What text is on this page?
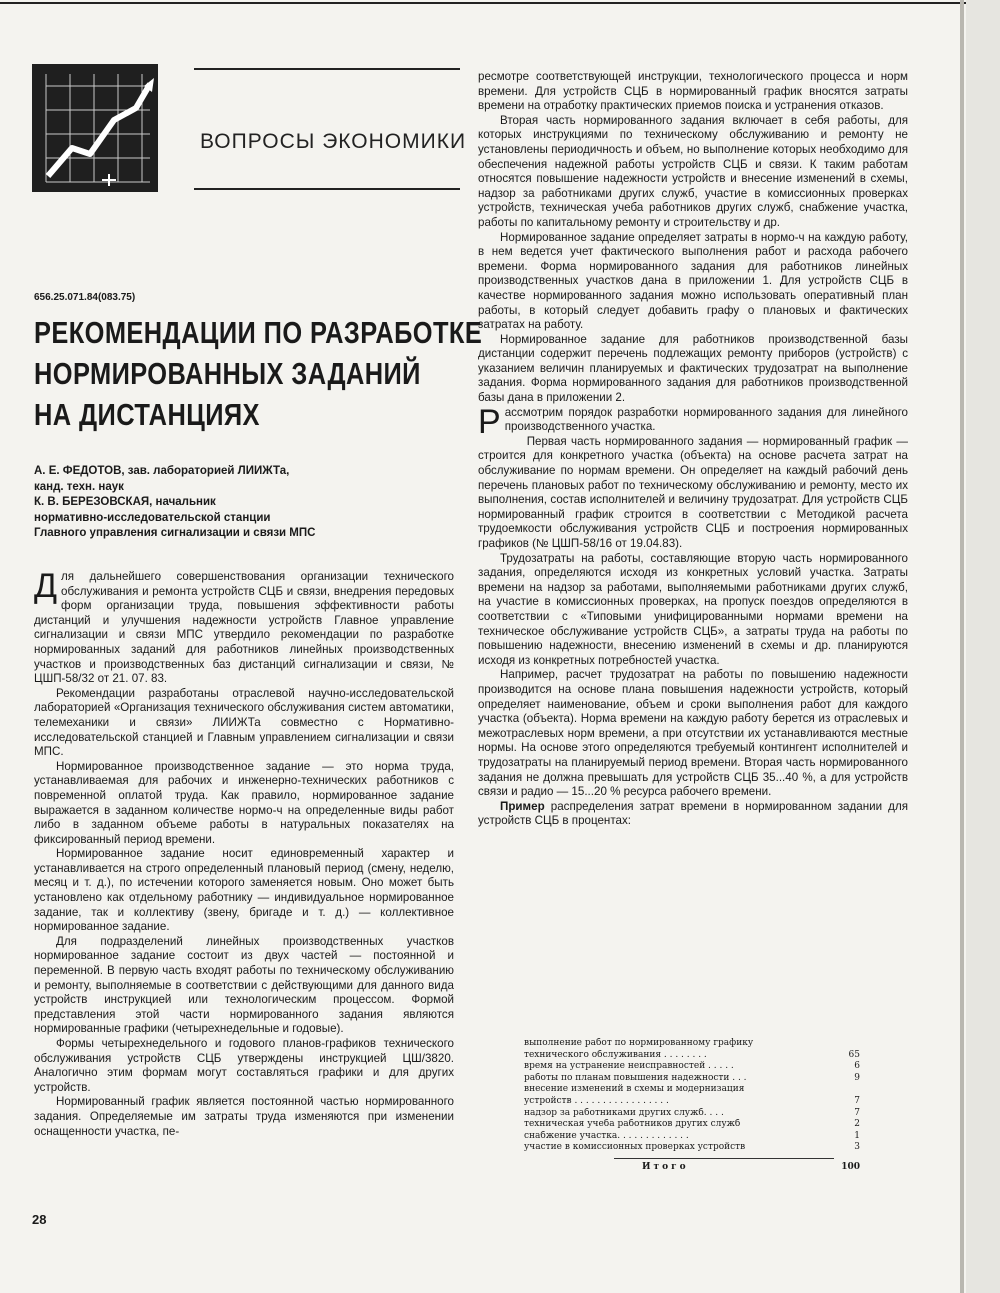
ВОПРОСЫ ЭКОНОМИКИ
656.25.071.84(083.75)
РЕКОМЕНДАЦИИ ПО РАЗРАБОТКЕ
НОРМИРОВАННЫХ ЗАДАНИЙ
НА ДИСТАНЦИЯХ
А. Е. ФЕДОТОВ, зав. лабораторией ЛИИЖТа,
канд. техн. наук
К. В. БЕРЕЗОВСКАЯ, начальник
нормативно-исследовательской станции
Главного управления сигнализации и связи МПС

Для дальнейшего совершенствования организации технического обслуживания и ремонта устройств СЦБ и связи, внедрения передовых форм организации труда, повышения эффективности работы дистанций и улучшения надежности устройств Главное управление сигнализации и связи МПС утвердило рекомендации по разработке нормированных заданий для работников линейных производственных участков и производственных баз дистанций сигнализации и связи, № ЦШП-58/32 от 21. 07. 83.

Рекомендации разработаны отраслевой научно-исследовательской лабораторией «Организация технического обслуживания систем автоматики, телемеханики и связи» ЛИИЖТа совместно с Нормативно-исследовательской станцией и Главным управлением сигнализации и связи МПС.

Нормированное производственное задание — это норма труда, устанавливаемая для рабочих и инженерно-технических работников с повременной оплатой труда. Как правило, нормированное задание выражается в заданном количестве нормо-ч на определенные виды работ либо в заданном объеме работы в натуральных показателях на фиксированный период времени.

Нормированное задание носит единовременный характер и устанавливается на строго определенный плановый период (смену, неделю, месяц и т. д.), по истечении которого заменяется новым. Оно может быть установлено как отдельному работнику — индивидуальное нормированное задание, так и коллективу (звену, бригаде и т. д.) — коллективное нормированное задание.

Для подразделений линейных производственных участков нормированное задание состоит из двух частей — постоянной и переменной. В первую часть входят работы по техническому обслуживанию и ремонту, выполняемые в соответствии с действующими для данного вида устройств инструкцией или технологическим процессом. Формой представления этой части нормированного задания являются нормированные графики (четырехнедельные и годовые).

Формы четырехнедельного и годового планов-графиков технического обслуживания устройств СЦБ утверждены инструкцией ЦШ/3820. Аналогично этим формам могут составляться графики и для других устройств.

Нормированный график является постоянной частью нормированного задания. Определяемые им затраты труда изменяются при изменении оснащенности участка, пе-

ресмотре соответствующей инструкции, технологического процесса и норм времени. Для устройств СЦБ в нормированный график вносятся затраты времени на отработку практических приемов поиска и устранения отказов.

Вторая часть нормированного задания включает в себя работы, для которых инструкциями по техническому обслуживанию и ремонту не установлены периодичность и объем, но выполнение которых необходимо для обеспечения надежной работы устройств СЦБ и связи. К таким работам относятся повышение надежности устройств и внесение изменений в схемы, надзор за работниками других служб, участие в комиссионных проверках устройств, техническая учеба работников других служб, снабжение участка, работы по капитальному ремонту и строительству и др.

Нормированное задание определяет затраты в нормо-ч на каждую работу, в нем ведется учет фактического выполнения работ и расхода рабочего времени. Форма нормированного задания для работников линейных производственных участков дана в приложении 1. Для устройств СЦБ в качестве нормированного задания можно использовать оперативный план работы, в который следует добавить графу о плановых и фактических затратах на работу.

Нормированное задание для работников производственной базы дистанции содержит перечень подлежащих ремонту приборов (устройств) с указанием величин планируемых и фактических трудозатрат на выполнение задания. Форма нормированного задания для работников производственной базы дана в приложении 2.

Рассмотрим порядок разработки нормированного задания для линейного производственного участка.

Первая часть нормированного задания — нормированный график — строится для конкретного участка (объекта) на основе расчета затрат на обслуживание по нормам времени. Он определяет на каждый рабочий день перечень плановых работ по техническому обслуживанию и ремонту, место их выполнения, состав исполнителей и величину трудозатрат. Для устройств СЦБ нормированный график строится в соответствии с Методикой расчета трудоемкости обслуживания устройств СЦБ и построения нормированных графиков (№ ЦШП-58/16 от 19.04.83).

Трудозатраты на работы, составляющие вторую часть нормированного задания, определяются исходя из конкретных условий участка. Затраты времени на надзор за работами, выполняемыми работниками других служб, на участие в комиссионных проверках, на пропуск поездов определяются в соответствии с «Типовыми унифицированными нормами времени на техническое обслуживание устройств СЦБ», а затраты труда на работы по повышению надежности, внесению изменений в схемы и др. планируются исходя из конкретных потребностей участка.

Например, расчет трудозатрат на работы по повышению надежности производится на основе плана повышения надежности устройств, который определяет наименование, объем и сроки выполнения работ для каждого участка (объекта). Норма времени на каждую работу берется из отраслевых и межотраслевых норм времени, а при отсутствии их устанавливаются местные нормы. На основе этого определяются требуемый контингент исполнителей и трудозатраты на планируемый период времени. Вторая часть нормированного задания не должна превышать для устройств СЦБ 35...40 %, а для устройств связи и радио — 15...20 % ресурса рабочего времени.

Пример распределения затрат времени в нормированном задании для устройств СЦБ в процентах:

выполнение работ по нормированному графику
технического обслуживания . . . . . . . .	65
время на устранение неисправностей . . . . .	6
работы по планам повышения надежности . . .	9
внесение изменений в схемы и модернизация
устройств . . . . . . . . . . . . . . . . .	7
надзор за работниками других служб. . . .	7
техническая учеба работников других служб	2
снабжение участка. . . . . . . . . . . . .	1
участие в комиссионных проверках устройств	3
Итого	100
28
